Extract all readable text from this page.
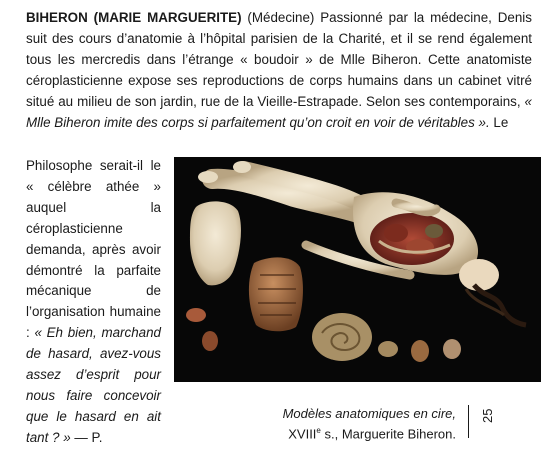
BIHERON (MARIE MARGUERITE) (Médecine) Passionné par la médecine, Denis suit des cours d’anatomie à l’hôpital parisien de la Charité, et il se rend également tous les mercredis dans l’étrange « boudoir » de Mlle Biheron. Cette anatomiste céroplasticienne expose ses reproductions de corps humains dans un cabinet vitré situé au milieu de son jardin, rue de la Vieille-Estrapade. Selon ses contemporains, « Mlle Biheron imite des corps si parfaitement qu’on croit en voir de véritables ». Le

Philosophe serait-il le « célèbre athée » auquel la céroplasticienne demanda, après avoir démontré la parfaite mécanique de l’organisation humaine : « Eh bien, marchand de hasard, avez-vous assez d’esprit pour nous faire concevoir que le hasard en ait tant ? » — P.

Modèles anatomiques en cire,
XVIIIe s., Marguerite Biheron.

25
